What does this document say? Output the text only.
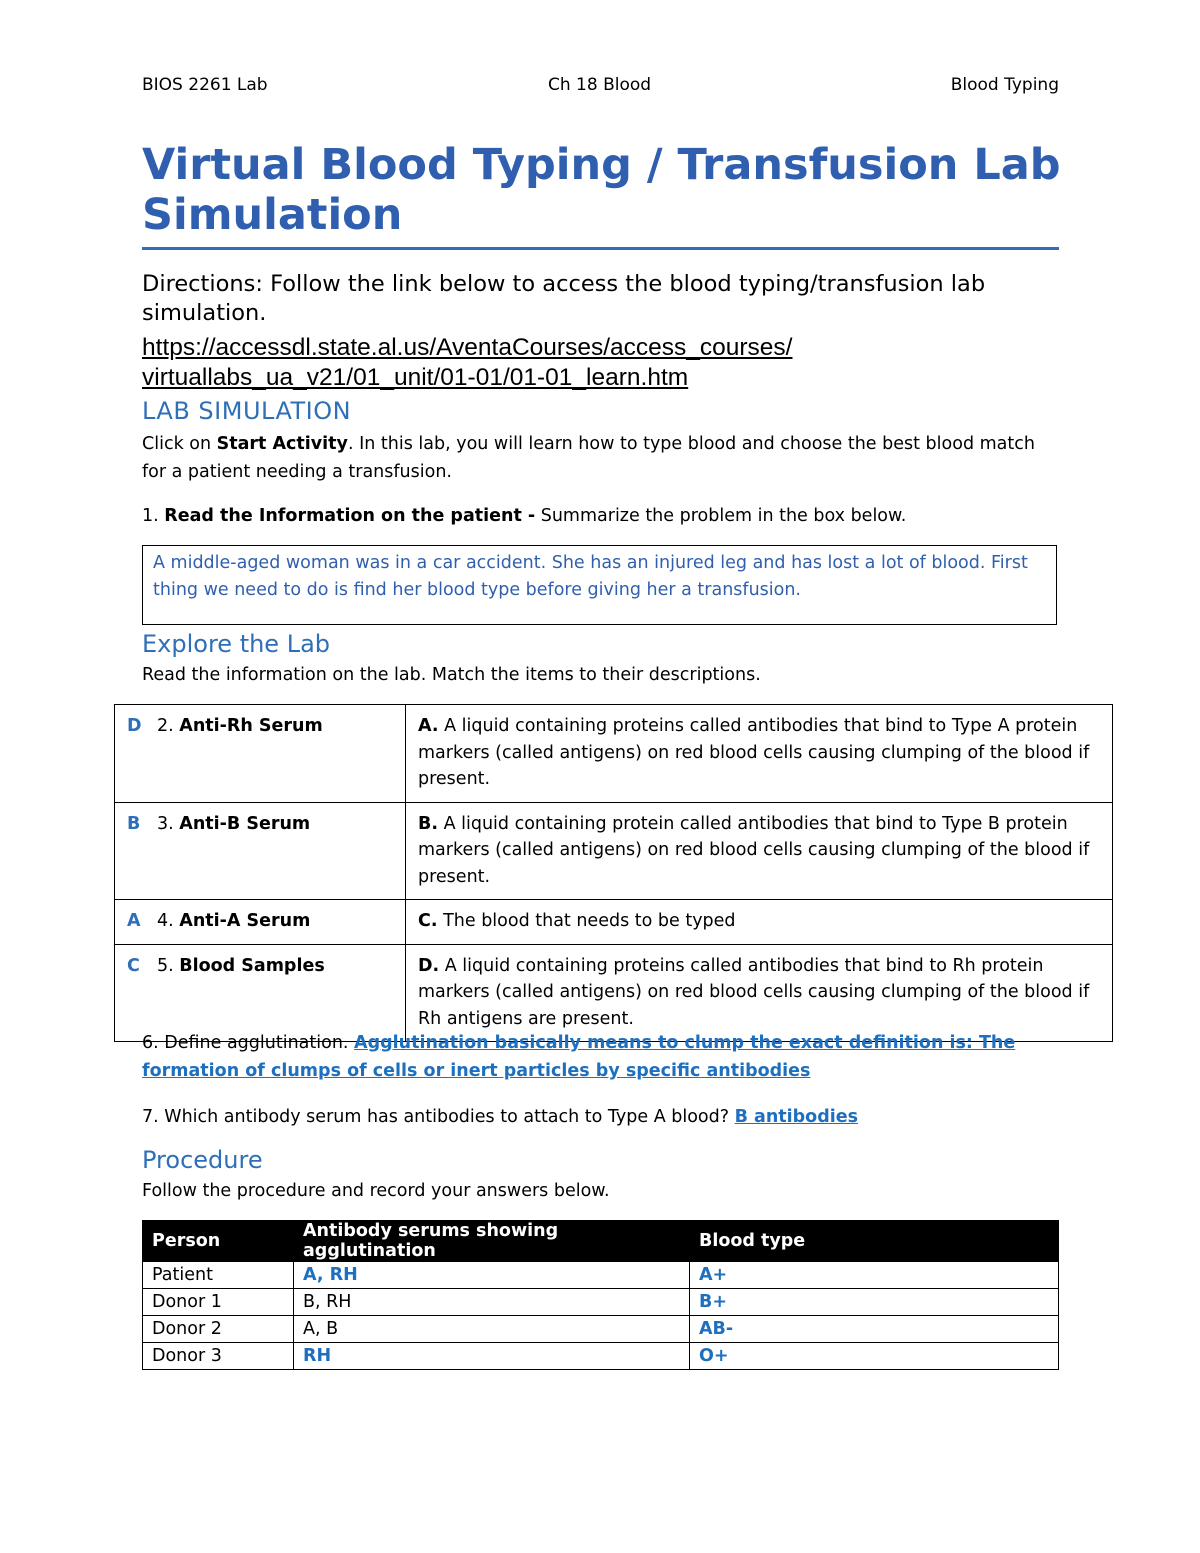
BIOS 2261 Lab	Ch 18 Blood	Blood Typing
Virtual Blood Typing / Transfusion Lab Simulation
Directions: Follow the link below to access the blood typing/transfusion lab simulation.
https://accessdl.state.al.us/AventaCourses/access_courses/
virtuallabs_ua_v21/01_unit/01-01/01-01_learn.htm
LAB SIMULATION
Click on Start Activity. In this lab, you will learn how to type blood and choose the best blood match for a patient needing a transfusion.
1. Read the Information on the patient - Summarize the problem in the box below.
A middle-aged woman was in a car accident. She has an injured leg and has lost a lot of blood. First thing we need to do is find her blood type before giving her a transfusion.
Explore the Lab
Read the information on the lab. Match the items to their descriptions.
D 2. Anti-Rh Serum	A. A liquid containing proteins called antibodies that bind to Type A protein markers (called antigens) on red blood cells causing clumping of the blood if present.
B 3. Anti-B Serum	B. A liquid containing protein called antibodies that bind to Type B protein markers (called antigens) on red blood cells causing clumping of the blood if present.
A 4. Anti-A Serum	C. The blood that needs to be typed
C 5. Blood Samples	D. A liquid containing proteins called antibodies that bind to Rh protein markers (called antigens) on red blood cells causing clumping of the blood if Rh antigens are present.
6. Define agglutination. Agglutination basically means to clump the exact definition is: The formation of clumps of cells or inert particles by specific antibodies
7. Which antibody serum has antibodies to attach to Type A blood? B antibodies
Procedure
Follow the procedure and record your answers below.
Person	Antibody serums showing agglutination	Blood type
Patient	A, RH	A+
Donor 1	B, RH	B+
Donor 2	A, B	AB-
Donor 3	RH	O+
